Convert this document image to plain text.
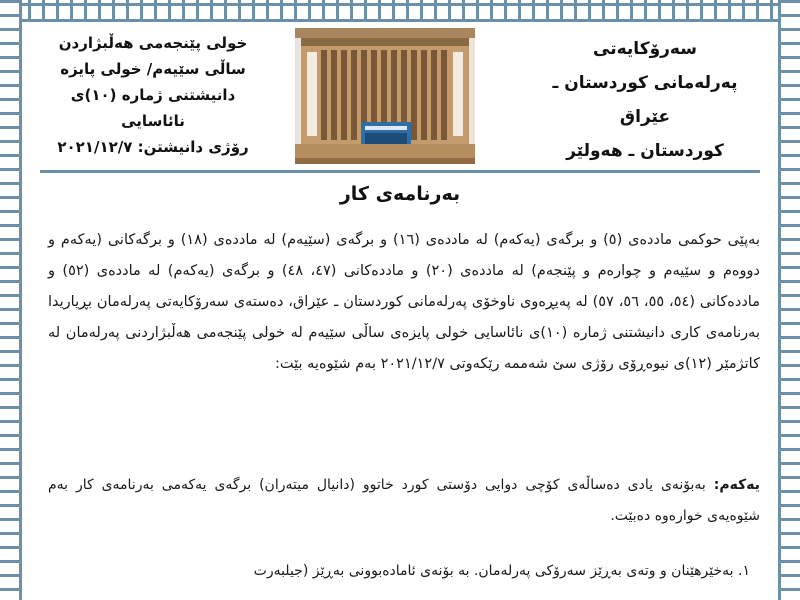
سەرۆکایەتی
پەرلەمانی کوردستان ـ عێراق
کوردستان ـ هەولێر
خولی پێنجەمی هەڵبژاردن
ساڵی سێیەم/ خولی پایزە
دانیشتنی ژمارە (١٠)ی نائاسایی
رۆژی دانیشتن: ٢٠٢١/١٢/٧
بەرنامەی کار

بەپێی حوکمی ماددەی (٥) و برگەی (یەکەم) لە ماددەی (١٦) و برگەی (سێیەم) لە ماددەی (١٨) و برگەکانی (یەکەم و دووەم و سێیەم و چوارەم و پێنجەم) لە ماددەی (٢٠) و ماددەکانی (٤٧، ٤٨) و برگەی (یەکەم) لە ماددەی (٥٢) و ماددەکانی (٥٤، ٥٥، ٥٦، ٥٧) لە پەیڕەوی ناوخۆی پەرلەمانی کوردستان ـ عێراق، دەستەی سەرۆکایەتی پەرلەمان بڕیاریدا بەرنامەی کاری دانیشتنی ژمارە (١٠)ی نائاسایی خولی پایزەی ساڵی سێیەم لە خولی پێنجەمی هەڵبژاردنی پەرلەمان لە کاتژمێر (١٢)ی نیوەڕۆی رۆژی سێ شەممە رێکەوتی ٢٠٢١/١٢/٧ بەم شێوەیە بێت:

یەکەم: بەبۆنەی یادی دەساڵەی کۆچی دوایی دۆستی کورد خاتوو (دانیال میتەران) برگەی یەکەمی بەرنامەی کار بەم شێوەیەی خوارەوە دەبێت.
١. بەخێرهێنان و وتەی بەڕێز سەرۆکی پەرلەمان. بە بۆنەی ئامادەبوونی بەڕێز (جیلبەرت
